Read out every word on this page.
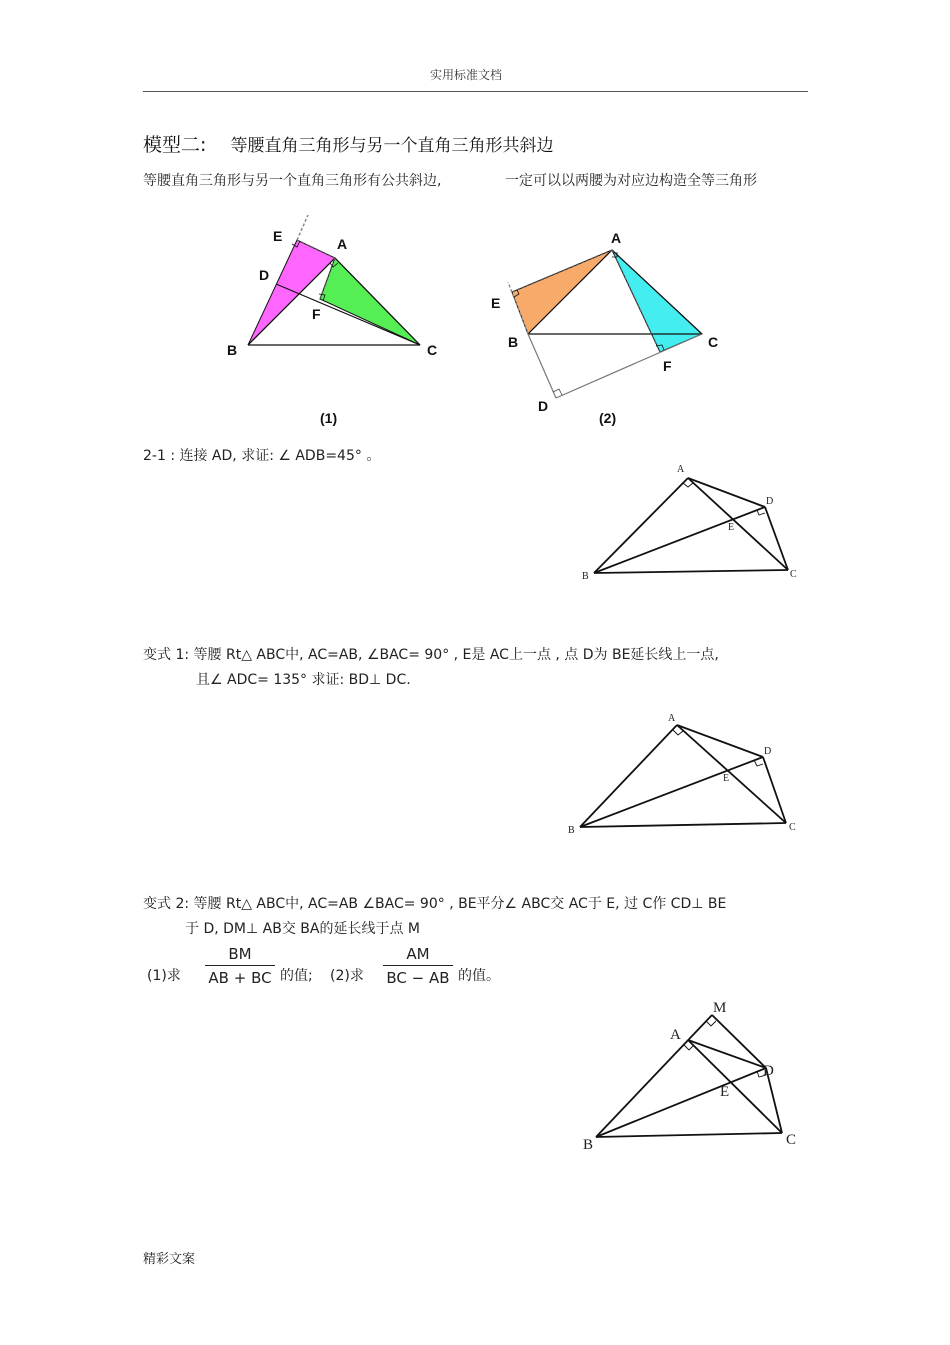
实用标准文档
模型二: 等腰直角三角形与另一个直角三角形共斜边
等腰直角三角形与另一个直角三角形有公共斜边,	一定可以以两腰为对应边构造全等三角形
E	A
D
F
B	C
(1)
A
E
B	C
F
D
(2)
2-1 : 连接 AD, 求证: ∠ ADB=45° 。
A
D
E
B	C
变式 1: 等腰 Rt△ ABC中, AC=AB, ∠BAC= 90° , E是 AC上一点 , 点 D为 BE延长线上一点,
且∠ ADC= 135° 求证: BD⊥ DC.
A
D
E
B	C
变式 2: 等腰 Rt△ ABC中, AC=AB ∠BAC= 90° , BE平分∠ ABC交 AC于 E, 过 C作 CD⊥ BE
于 D, DM⊥ AB交 BA的延长线于点 M
(1)求 $\frac{BM}{AB + BC}$ 的值; (2)求 $\frac{AM}{BC - AB}$ 的值。
M
A
D
E
B	C
精彩文案
